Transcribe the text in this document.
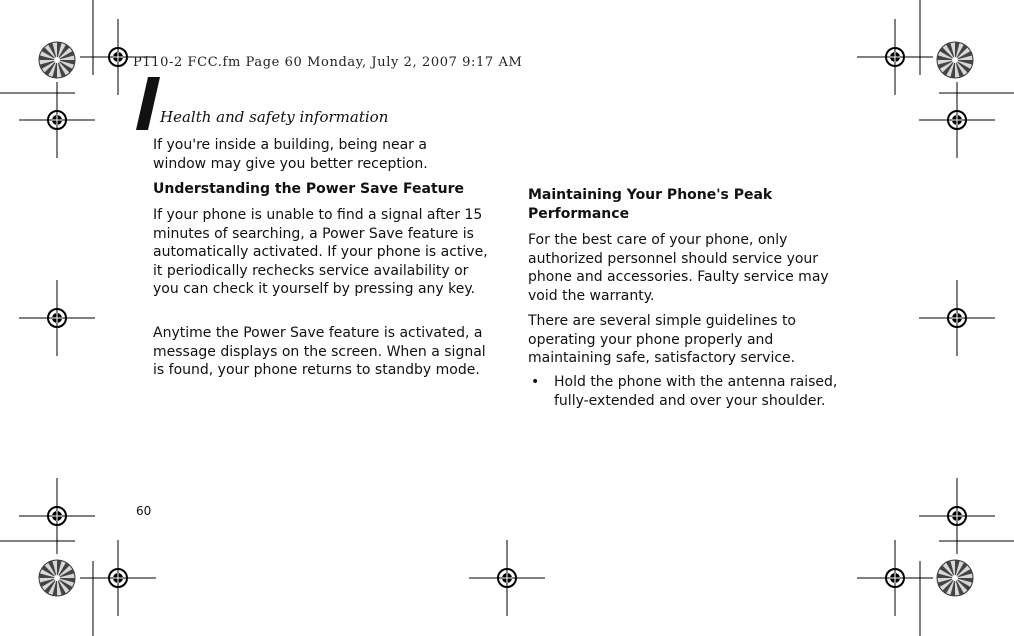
P110-2 FCC.fm Page 60 Monday, July 2, 2007 9:17 AM
Health and safety information

If you're inside a building, being near a window may give you better reception.

Understanding the Power Save Feature

If your phone is unable to find a signal after 15 minutes of searching, a Power Save feature is automatically activated. If your phone is active, it periodically rechecks service availability or you can check it yourself by pressing any key.

Anytime the Power Save feature is activated, a message displays on the screen. When a signal is found, your phone returns to standby mode.

Maintaining Your Phone's Peak Performance

For the best care of your phone, only authorized personnel should service your phone and accessories. Faulty service may void the warranty.

There are several simple guidelines to operating your phone properly and maintaining safe, satisfactory service.

• Hold the phone with the antenna raised, fully-extended and over your shoulder.

60
